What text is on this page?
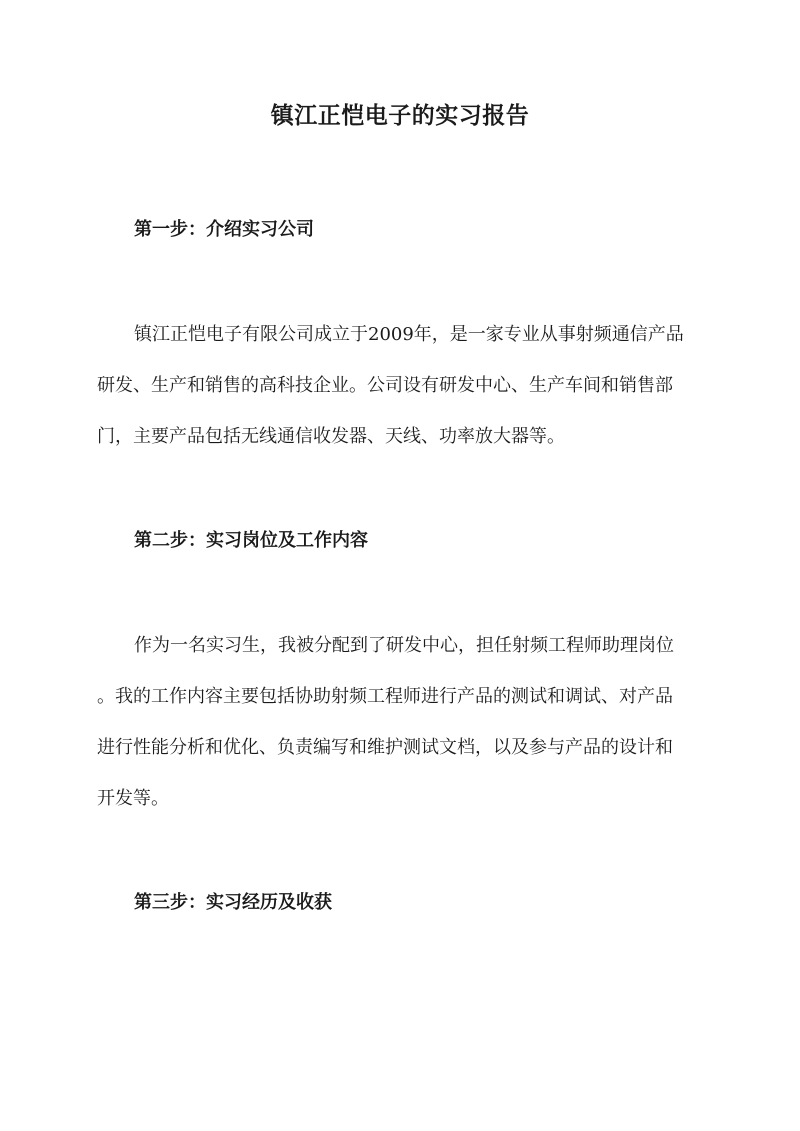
镇江正恺电子的实习报告
第一步：介绍实习公司

镇江正恺电子有限公司成立于2009年，是一家专业从事射频通信产品
研发、生产和销售的高科技企业。公司设有研发中心、生产车间和销售部
门，主要产品包括无线通信收发器、天线、功率放大器等。

第二步：实习岗位及工作内容

作为一名实习生，我被分配到了研发中心，担任射频工程师助理岗位
。我的工作内容主要包括协助射频工程师进行产品的测试和调试、对产品
进行性能分析和优化、负责编写和维护测试文档，以及参与产品的设计和
开发等。

第三步：实习经历及收获
